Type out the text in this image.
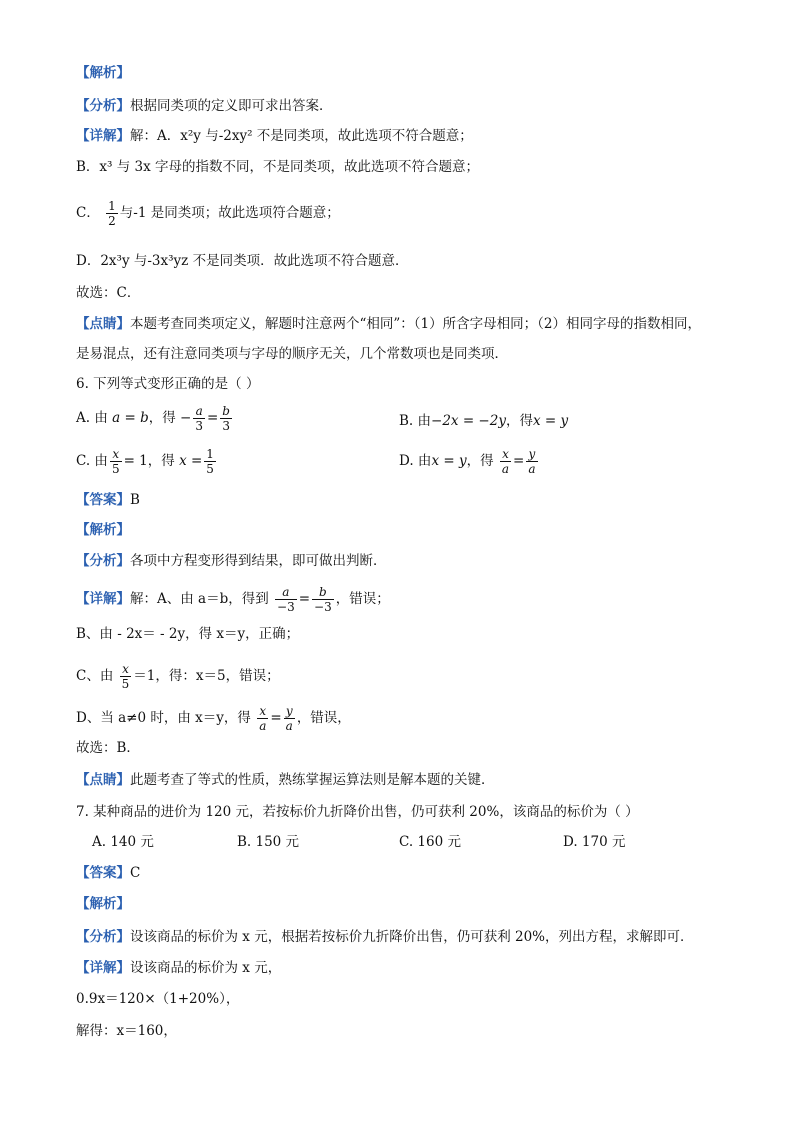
【解析】
【分析】根据同类项的定义即可求出答案．
【详解】解：A．x²y 与-2xy² 不是同类项，故此选项不符合题意；
B．x³ 与 3x 字母的指数不同，不是同类项，故此选项不符合题意；
C． $\frac{1}{2}$ 与-1 是同类项；故此选项符合题意；
D．2x³y 与-3x³yz 不是同类项．故此选项不符合题意．
故选：C．
【点睛】本题考查同类项定义，解题时注意两个“相同”：（1）所含字母相同；（2）相同字母的指数相同，
是易混点，还有注意同类项与字母的顺序无关，几个常数项也是同类项．
6. 下列等式变形正确的是（ ）
A. 由 a = b，得 − $\frac{a}{3} = \frac{b}{3}$	B. 由−2x = −2y，得x = y
C. 由 $\frac{x}{5} = 1$，得 $x = \frac{1}{5}$	D. 由x = y，得 $\frac{x}{a} = \frac{y}{a}$
【答案】B
【解析】
【分析】各项中方程变形得到结果，即可做出判断．
【详解】解：A、由 a＝b，得到 $\frac{a}{-3} = \frac{b}{-3}$ ，错误；
B、由 - 2x＝ - 2y，得 x＝y，正确；
C、由 $\frac{x}{5} =1$，得：x＝5，错误；
D、当 a≠0 时，由 x＝y，得 $\frac{x}{a} = \frac{y}{a}$ ，错误，
故选：B．
【点睛】此题考查了等式的性质，熟练掌握运算法则是解本题的关键．
7. 某种商品的进价为 120 元，若按标价九折降价出售，仍可获利 20%，该商品的标价为（ ）
A. 140 元	B. 150 元	C. 160 元	D. 170 元
【答案】C
【解析】
【分析】设该商品的标价为 x 元，根据若按标价九折降价出售，仍可获利 20%，列出方程，求解即可．
【详解】设该商品的标价为 x 元，
0.9x＝120×（1+20%），
解得：x＝160，
